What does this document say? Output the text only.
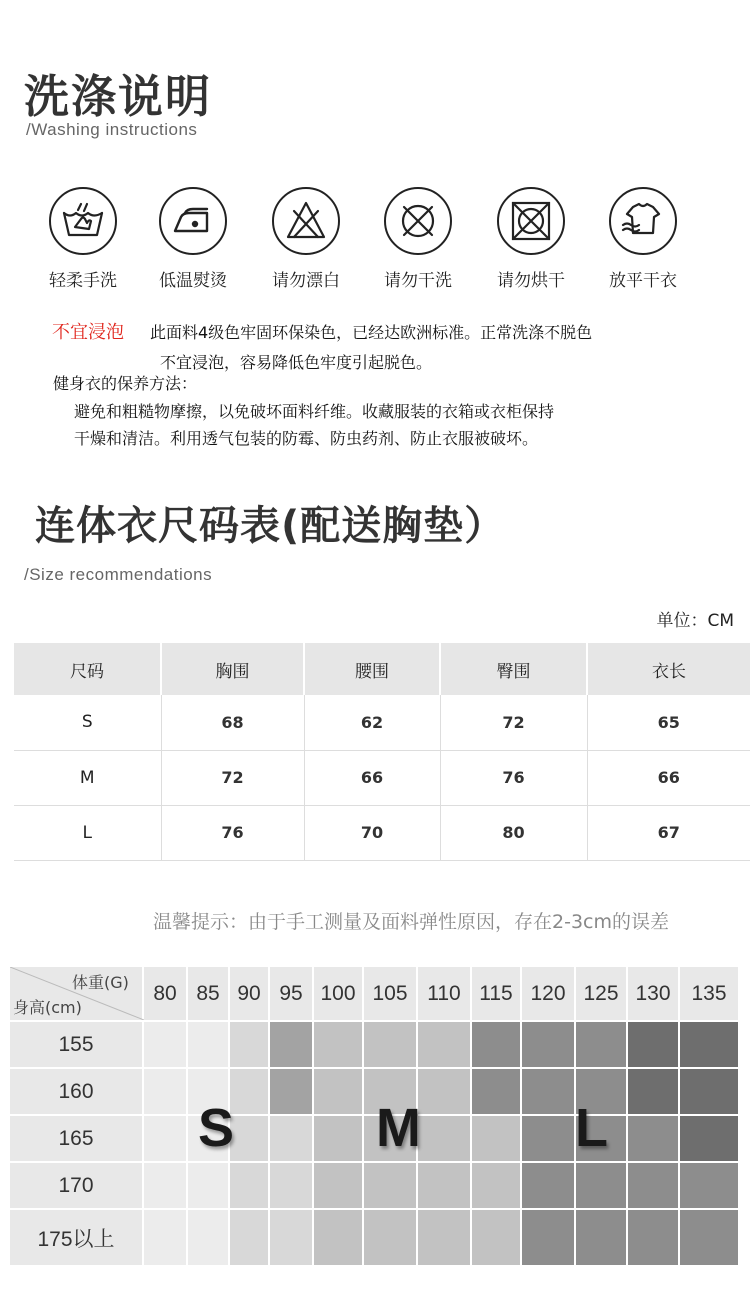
洗涤说明
/Washing instructions
轻柔手洗	低温熨烫	请勿漂白	请勿干洗	请勿烘干	放平干衣
不宜浸泡 此面料4级色牢固环保染色，已经达欧洲标准。正常洗涤不脱色
不宜浸泡，容易降低色牢度引起脱色。
健身衣的保养方法：
避免和粗糙物摩擦，以免破坏面料纤维。收藏服装的衣箱或衣柜保持
干燥和清洁。利用透气包装的防霉、防虫药剂、防止衣服被破坏。
连体衣尺码表(配送胸垫）
/Size recommendations
单位：CM
尺码	胸围	腰围	臀围	衣长
S	68	62	72	65
M	72	66	76	66
L	76	70	80	67
温馨提示：由于手工测量及面料弹性原因，存在2-3cm的误差
体重(G)
身高(cm)
80 85 90 95 100 105 110 115 120 125 130 135
155
160
165
170
175以上
S	M	L
